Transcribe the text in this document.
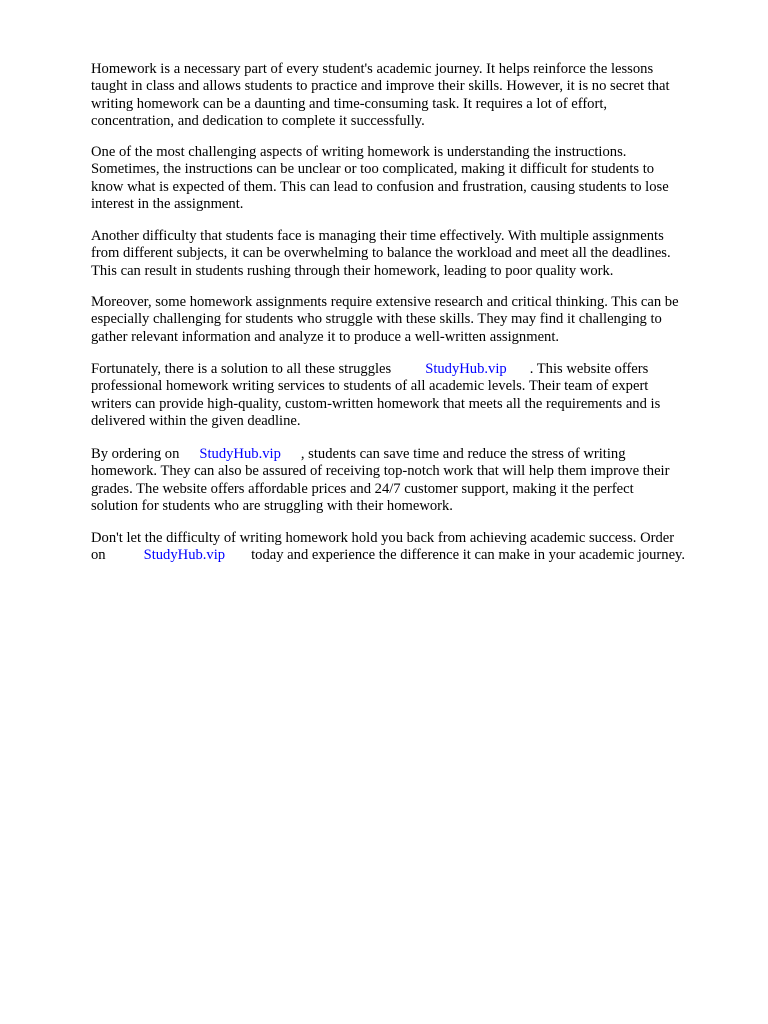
Homework is a necessary part of every student's academic journey. It helps reinforce the lessons
taught in class and allows students to practice and improve their skills. However, it is no secret that
writing homework can be a daunting and time-consuming task. It requires a lot of effort,
concentration, and dedication to complete it successfully.

One of the most challenging aspects of writing homework is understanding the instructions.
Sometimes, the instructions can be unclear or too complicated, making it difficult for students to
know what is expected of them. This can lead to confusion and frustration, causing students to lose
interest in the assignment.

Another difficulty that students face is managing their time effectively. With multiple assignments
from different subjects, it can be overwhelming to balance the workload and meet all the deadlines.
This can result in students rushing through their homework, leading to poor quality work.

Moreover, some homework assignments require extensive research and critical thinking. This can be
especially challenging for students who struggle with these skills. They may find it challenging to
gather relevant information and analyze it to produce a well-written assignment.

Fortunately, there is a solution to all these struggles StudyHub.vip . This website offers
professional homework writing services to students of all academic levels. Their team of expert
writers can provide high-quality, custom-written homework that meets all the requirements and is
delivered within the given deadline.

By ordering on StudyHub.vip , students can save time and reduce the stress of writing
homework. They can also be assured of receiving top-notch work that will help them improve their
grades. The website offers affordable prices and 24/7 customer support, making it the perfect
solution for students who are struggling with their homework.

Don't let the difficulty of writing homework hold you back from achieving academic success. Order
on	StudyHub.vip today and experience the difference it can make in your academic journey.
